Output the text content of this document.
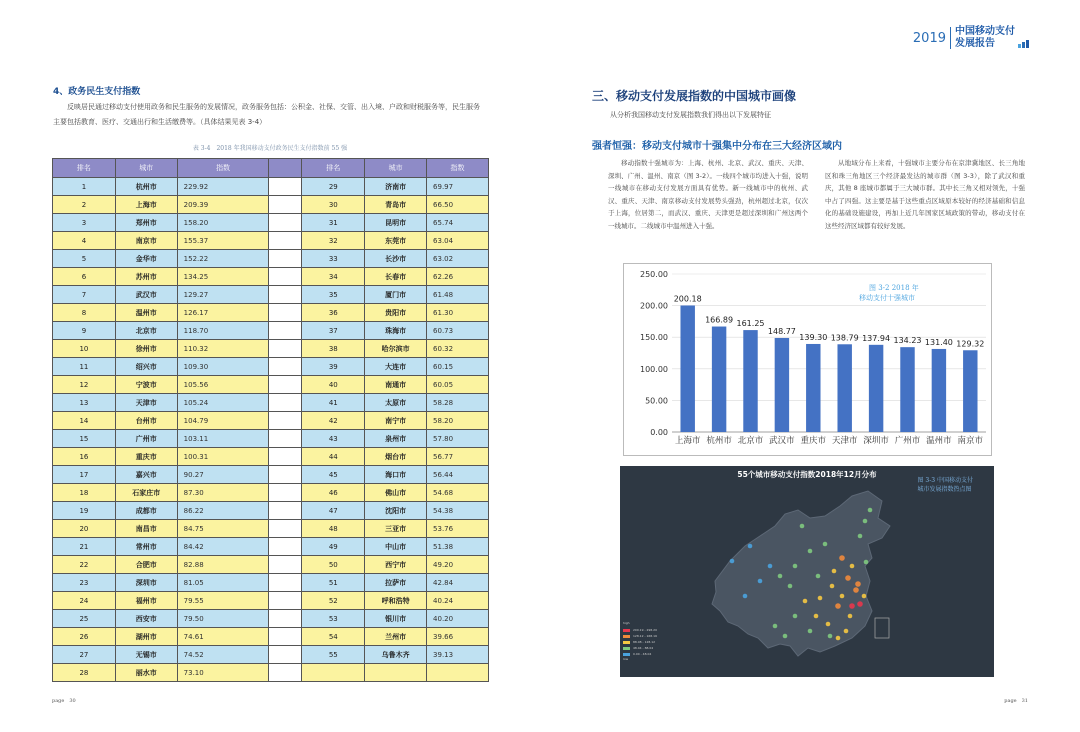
4、政务民生支付指数
反映居民通过移动支付使用政务和民生服务的发展情况，政务服务包括：公积金、社保、交管、出入境、户政和财税服务等，民生服务主要包括教育、医疗、交通出行和生活缴费等。（具体结果见表 3-4）
表 3-4　2018 年我国移动支付政务民生支付指数前 55 强
排名	城市	指数		排名	城市	指数
1	杭州市	229.92		29	济南市	69.97
2	上海市	209.39		30	青岛市	66.50
3	郑州市	158.20		31	昆明市	65.74
4	南京市	155.37		32	东莞市	63.04
5	金华市	152.22		33	长沙市	63.02
6	苏州市	134.25		34	长春市	62.26
7	武汉市	129.27		35	厦门市	61.48
8	温州市	126.17		36	贵阳市	61.30
9	北京市	118.70		37	珠海市	60.73
10	徐州市	110.32		38	哈尔滨市	60.32
11	绍兴市	109.30		39	大连市	60.15
12	宁波市	105.56		40	南通市	60.05
13	天津市	105.24		41	太原市	58.28
14	台州市	104.79		42	南宁市	58.20
15	广州市	103.11		43	泉州市	57.80
16	重庆市	100.31		44	烟台市	56.77
17	嘉兴市	90.27		45	海口市	56.44
18	石家庄市	87.30		46	佛山市	54.68
19	成都市	86.22		47	沈阳市	54.38
20	南昌市	84.75		48	三亚市	53.76
21	常州市	84.42		49	中山市	51.38
22	合肥市	82.88		50	西宁市	49.20
23	深圳市	81.05		51	拉萨市	42.84
24	福州市	79.55		52	呼和浩特	40.24
25	西安市	79.50		53	银川市	40.20
26	湖州市	74.61		54	兰州市	39.66
27	无锡市	74.52		55	乌鲁木齐	39.13
28	丽水市	73.10				
page　30
2019 中国移动支付
发展报告
三、移动支付发展指数的中国城市画像
从分析我国移动支付发展指数我们得出以下发展特征
强者恒强：移动支付城市十强集中分布在三大经济区域内
移动指数十强城市为：上海、杭州、北京、武汉、重庆、天津、深圳、广州、温州、南京（图 3-2）。一线四个城市均进入十强，说明一线城市在移动支付发展方面具有优势。新一线城市中的杭州、武汉、重庆、天津、南京移动支付发展势头强劲，杭州超过北京，仅次于上海，位居第二，而武汉、重庆、天津更是超过深圳和广州这两个一线城市。二线城市中温州进入十强。
从地域分布上来看，十强城市主要分布在京津冀地区、长三角地区和珠三角地区三个经济最发达的城市群（图 3-3），除了武汉和重庆，其他 8 座城市都属于三大城市群。其中长三角又相对领先，十强中占了四强。这主要是基于这些重点区域原本较好的经济基础和信息化的基础设施建设，再加上近几年国家区域政策的带动，移动支付在这些经济区域都有较好发展。
0.00
50.00
100.00
150.00
200.00
250.00
200.18
上海市
166.89
杭州市
161.25
北京市
148.77
武汉市
139.30
重庆市
138.79
天津市
137.94
深圳市
134.23
广州市
131.40
温州市
129.32
南京市
图 3-2 2018 年
移动支付十强城市
55个城市移动支付指数2018年12月分布
图 3-3 中国移动支付
城市发展指数热点图
high
200.19 - 298.20
128.12 - 168.16
88.08 - 128.12
48.04 - 88.04
0.00 - 48.04
low
page　31
